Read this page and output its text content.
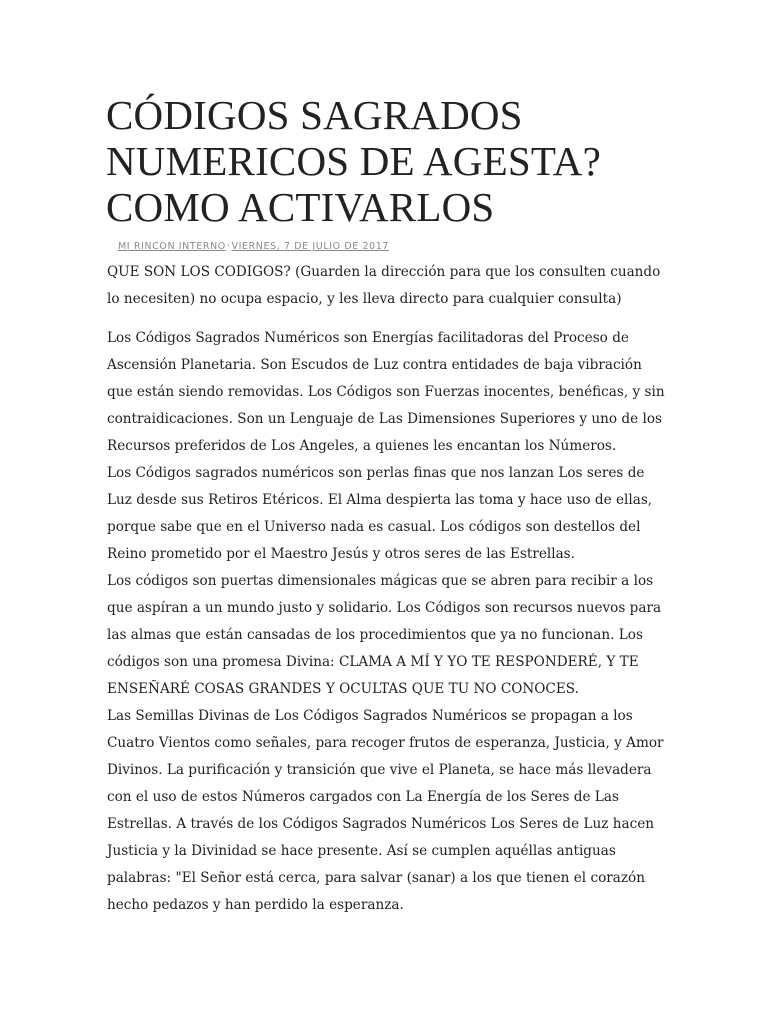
CÓDIGOS SAGRADOS
NUMERICOS DE AGESTA?
COMO ACTIVARLOS
MI RINCON INTERNO·VIERNES, 7 DE JULIO DE 2017
QUE SON LOS CODIGOS? (Guarden la dirección para que los consulten cuando
lo necesiten) no ocupa espacio, y les lleva directo para cualquier consulta)
Los Códigos Sagrados Numéricos son Energías facilitadoras del Proceso de
Ascensión Planetaria. Son Escudos de Luz contra entidades de baja vibración
que están siendo removidas. Los Códigos son Fuerzas inocentes, benéficas, y sin
contraidicaciones. Son un Lenguaje de Las Dimensiones Superiores y uno de los
Recursos preferidos de Los Angeles, a quienes les encantan los Números.
Los Códigos sagrados numéricos son perlas finas que nos lanzan Los seres de
Luz desde sus Retiros Etéricos. El Alma despierta las toma y hace uso de ellas,
porque sabe que en el Universo nada es casual. Los códigos son destellos del
Reino prometido por el Maestro Jesús y otros seres de las Estrellas.
Los códigos son puertas dimensionales mágicas que se abren para recibir a los
que aspíran a un mundo justo y solidario. Los Códigos son recursos nuevos para
las almas que están cansadas de los procedimientos que ya no funcionan. Los
códigos son una promesa Divina: CLAMA A MÍ Y YO TE RESPONDERÉ, Y TE
ENSEÑARÉ COSAS GRANDES Y OCULTAS QUE TU NO CONOCES.
Las Semillas Divinas de Los Códigos Sagrados Numéricos se propagan a los
Cuatro Vientos como señales, para recoger frutos de esperanza, Justicia, y Amor
Divinos. La purificación y transición que vive el Planeta, se hace más llevadera
con el uso de estos Números cargados con La Energía de los Seres de Las
Estrellas. A través de los Códigos Sagrados Numéricos Los Seres de Luz hacen
Justicia y la Divinidad se hace presente. Así se cumplen aquéllas antiguas
palabras: "El Señor está cerca, para salvar (sanar) a los que tienen el corazón
hecho pedazos y han perdido la esperanza.
